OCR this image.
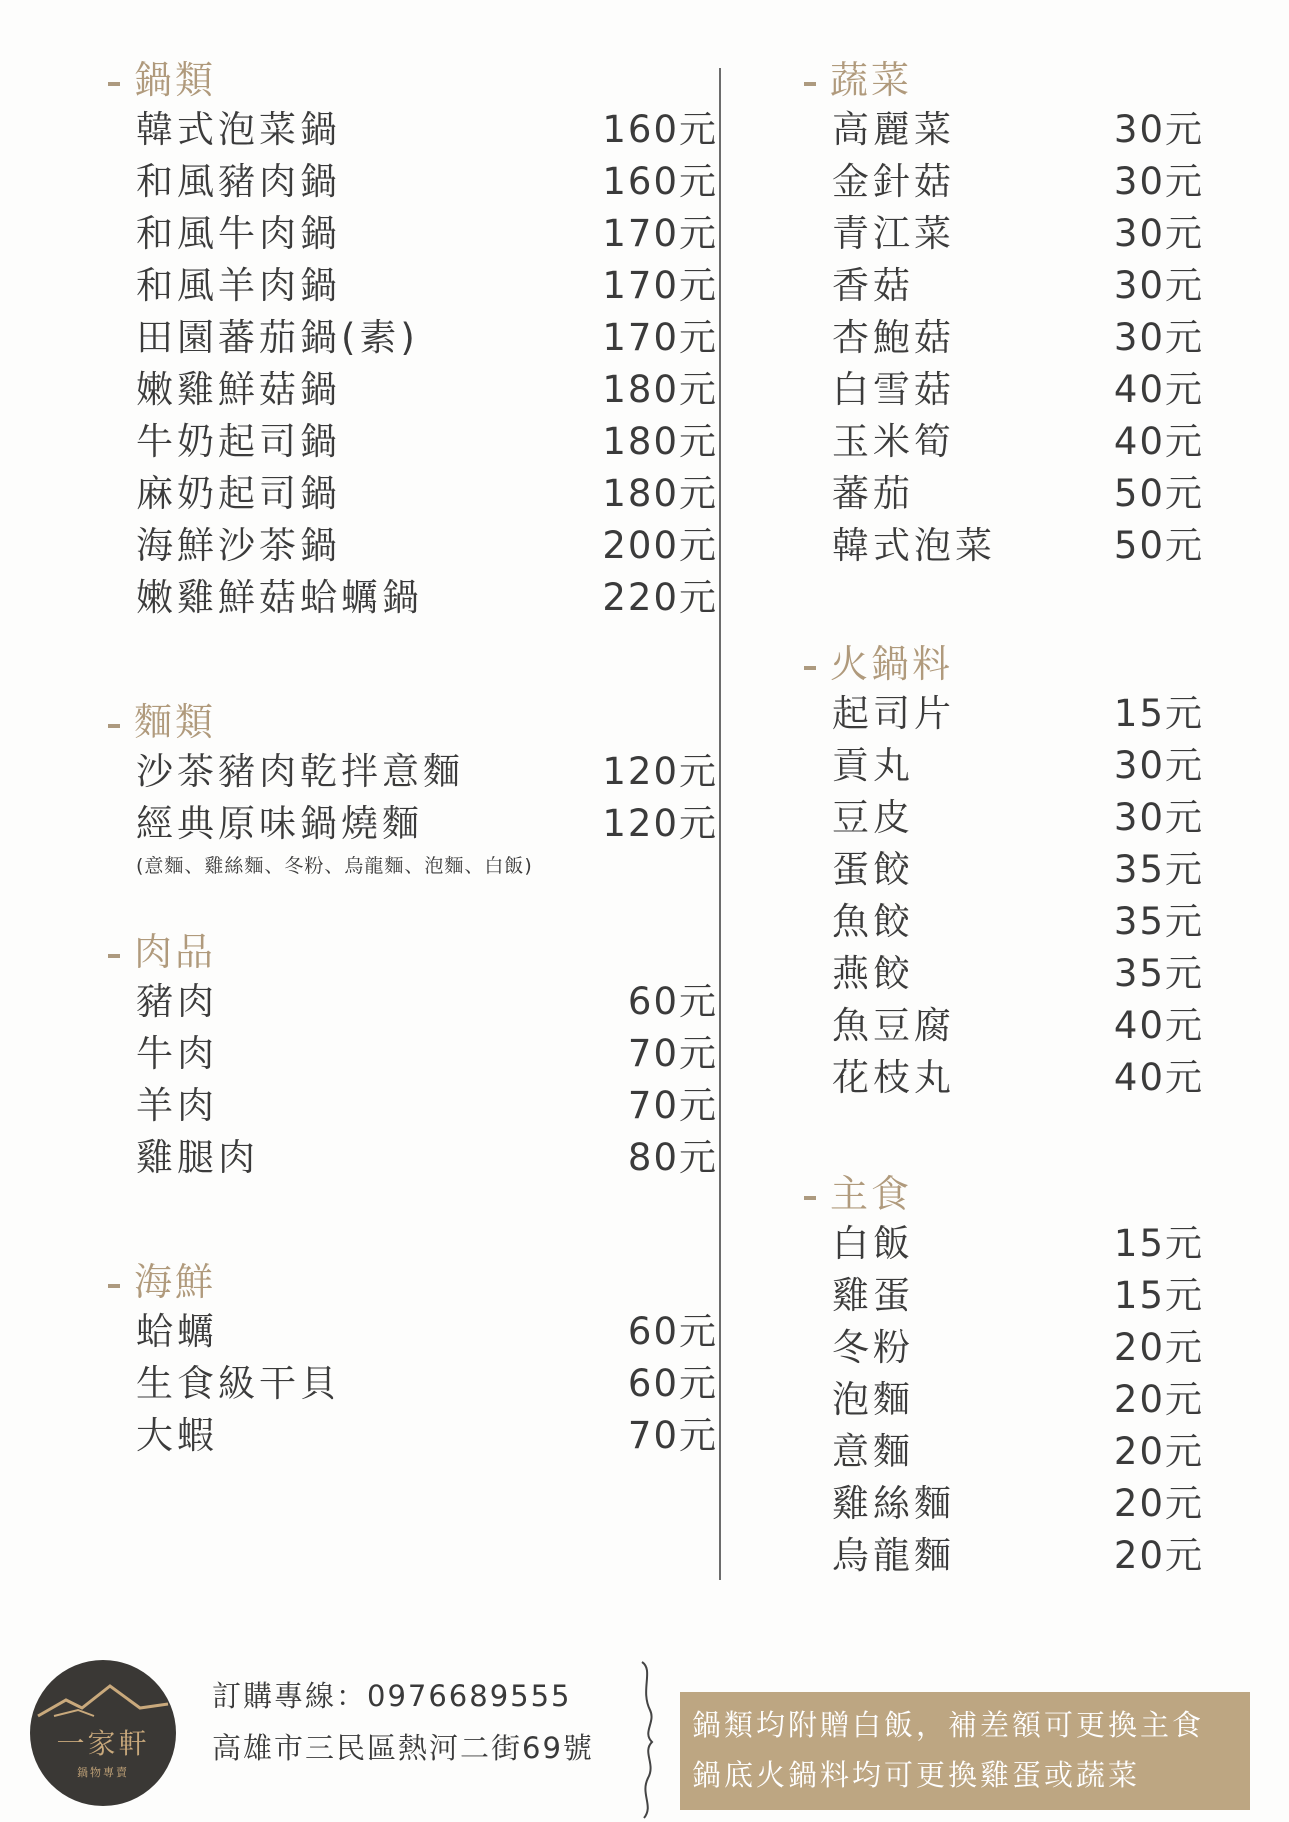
鍋類
韓式泡菜鍋	160元
和風豬肉鍋	160元
和風牛肉鍋	170元
和風羊肉鍋	170元
田園蕃茄鍋(素)	170元
嫩雞鮮菇鍋	180元
牛奶起司鍋	180元
麻奶起司鍋	180元
海鮮沙茶鍋	200元
嫩雞鮮菇蛤蠣鍋	220元
麵類
沙茶豬肉乾拌意麵	120元
經典原味鍋燒麵	120元
(意麵、雞絲麵、冬粉、烏龍麵、泡麵、白飯)
肉品
豬肉	60元
牛肉	70元
羊肉	70元
雞腿肉	80元
海鮮
蛤蠣	60元
生食級干貝	60元
大蝦	70元
蔬菜
高麗菜	30元
金針菇	30元
青江菜	30元
香菇	30元
杏鮑菇	30元
白雪菇	40元
玉米筍	40元
蕃茄	50元
韓式泡菜	50元
火鍋料
起司片	15元
貢丸	30元
豆皮	30元
蛋餃	35元
魚餃	35元
燕餃	35元
魚豆腐	40元
花枝丸	40元
主食
白飯	15元
雞蛋	15元
冬粉	20元
泡麵	20元
意麵	20元
雞絲麵	20元
烏龍麵	20元
一家軒
鍋物專賣
訂購專線：0976689555
高雄市三民區熱河二街69號
鍋類均附贈白飯，補差額可更換主食
鍋底火鍋料均可更換雞蛋或蔬菜
